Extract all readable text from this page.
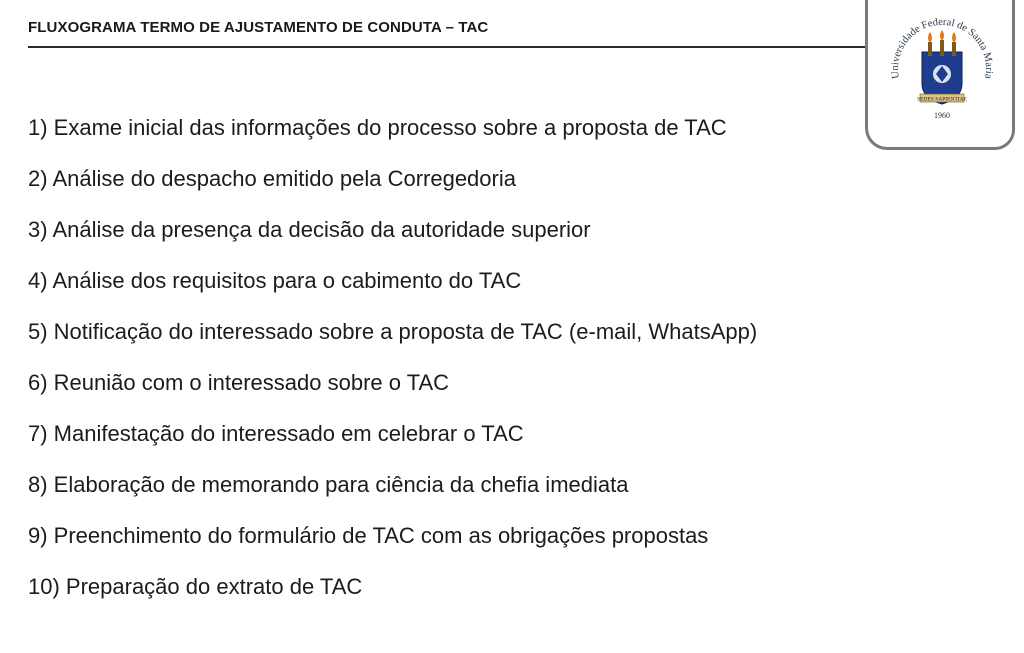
FLUXOGRAMA TERMO DE AJUSTAMENTO DE CONDUTA – TAC
Universidade Federal de Santa Maria
SEDES SAPIENTIAE
1960
1) Exame inicial das informações do processo sobre a proposta de TAC
2) Análise do despacho emitido pela Corregedoria
3) Análise da presença da decisão da autoridade superior
4) Análise dos requisitos para o cabimento do TAC
5) Notificação do interessado sobre a proposta de TAC (e-mail, WhatsApp)
6) Reunião com o interessado sobre o TAC
7) Manifestação do interessado em celebrar o TAC
8) Elaboração de memorando para ciência da chefia imediata
9) Preenchimento do formulário de TAC com as obrigações propostas
10) Preparação do extrato de TAC
